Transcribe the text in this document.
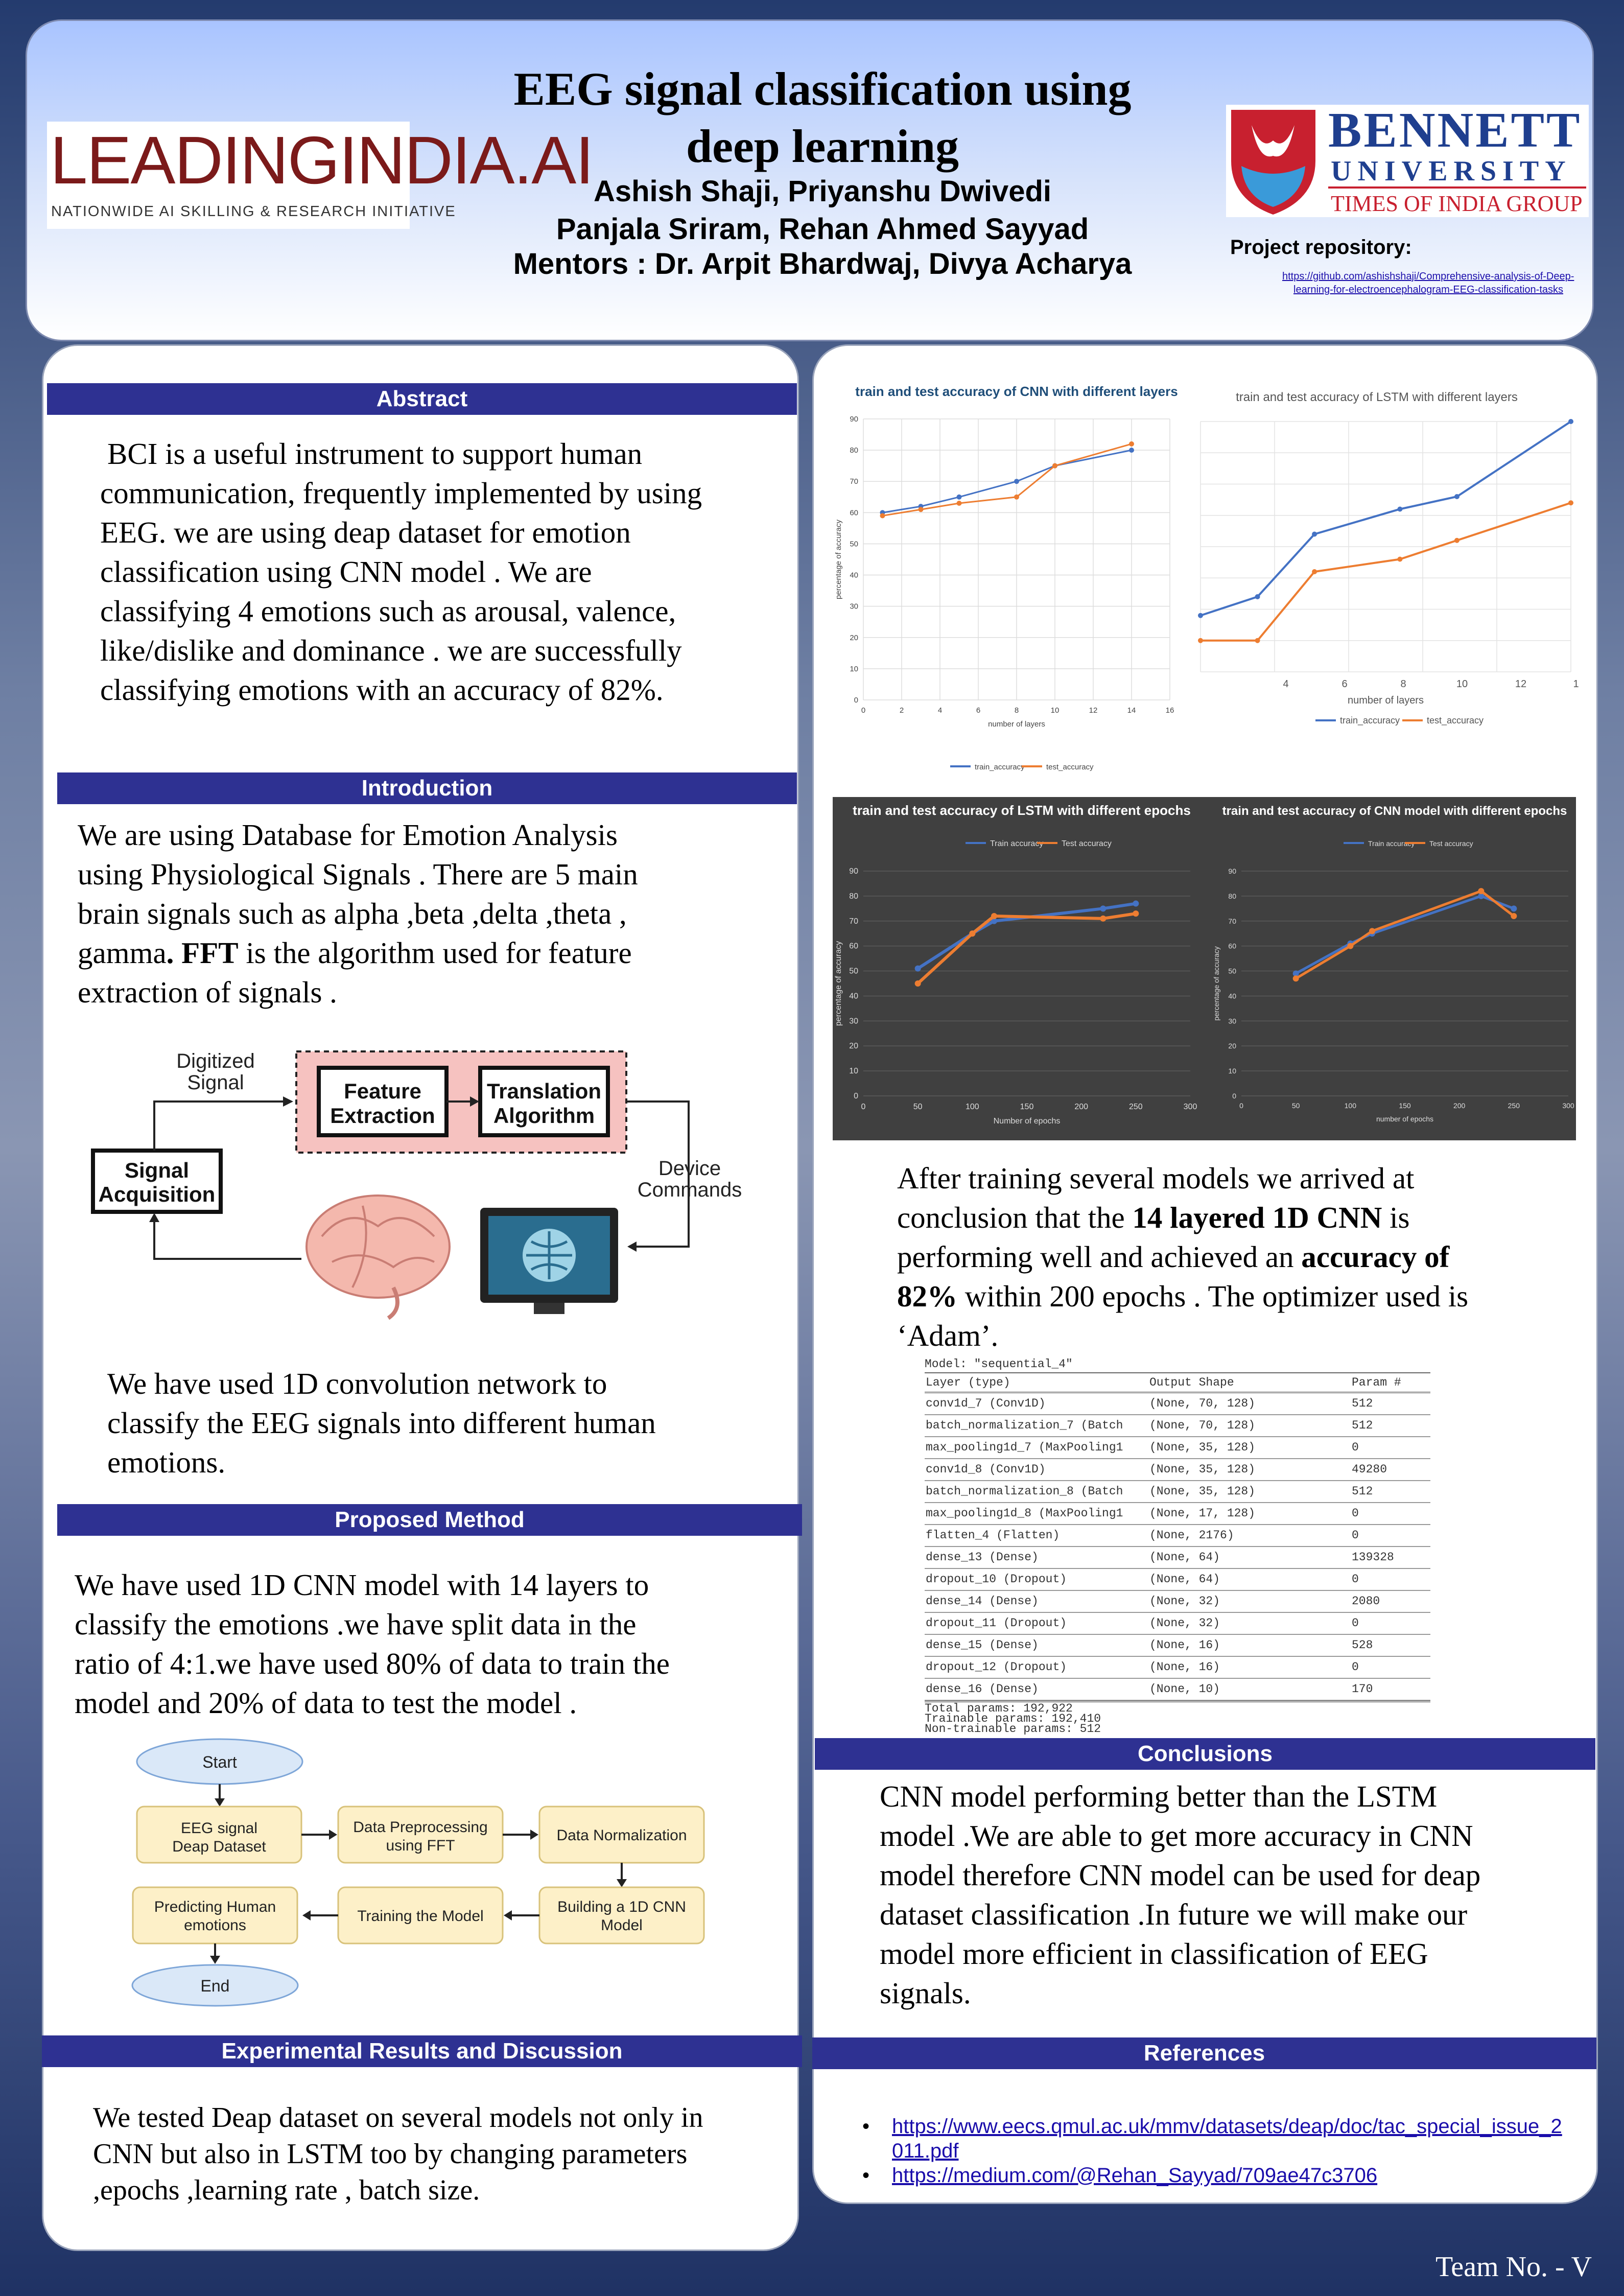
LEADINGINDIA.AI
NATIONWIDE AI SKILLING & RESEARCH INITIATIVE
EEG signal classification using
deep learning
Ashish Shaji, Priyanshu Dwivedi
Panjala Sriram, Rehan Ahmed Sayyad
Mentors : Dr. Arpit Bhardwaj, Divya Acharya
BENNETT
UNIVERSITY
TIMES OF INDIA GROUP
Project repository:
https://github.com/ashishshaji/Comprehensive-analysis-of-Deep-
learning-for-electroencephalogram-EEG-classification-tasks
Abstract
BCI is a useful instrument to support human
communication, frequently implemented by using
EEG. we are using deap dataset for emotion
classification using CNN model . We are
classifying 4 emotions such as arousal, valence,
like/dislike and dominance . we are successfully
classifying emotions with an accuracy of 82%.
Introduction
We are using Database for Emotion Analysis
using Physiological Signals . There are 5 main
brain signals such as alpha ,beta ,delta ,theta ,
gamma. FFT is the algorithm used for feature
extraction of signals .
Digitized
Signal	Feature
Extraction
Translation
Algorithm
Signal
Acquisition
Device
Commands
We have used 1D convolution network to
classify the EEG signals into different human
emotions.
Proposed Method
We have used 1D CNN model with 14 layers to
classify the emotions .we have split data in the
ratio of 4:1.we have used 80% of data to train the
model and 20% of data to test the model .
Start
EEG signal
Deap Dataset
Data Preprocessing
using FFT
Data Normalization
Building a 1D CNN
Model
Training the Model
Predicting Human
emotions
End
Experimental Results and Discussion
We tested Deap dataset on several models not only in
CNN but also in LSTM too by changing parameters
,epochs ,learning rate , batch size.
train and test accuracy of CNN with different layers
0
10
20
30
40
50
60
70
80
90
0	2	4	6	8	10	12	14	16
number of layers
percentage of accuracy
train_accuracy	test_accuracy
train and test accuracy of LSTM with different layers
4	6	8	10	12	1
number of layers
train_accuracy	test_accuracy
train and test accuracy of LSTM with different epochs
0
10
20
30
40
50
60
70
80
90
0	50	100	150	200	250	300
Number of epochs
percentage of accuracy
Train accuracy Test accuracy
train and test accuracy of CNN model with different epochs
0
10
20
30
40
50
60
70
80
90
0	50	100	150	200	250	300
number of epochs
percentage of accuracy
Train accuracy Test accuracy
After training several models we arrived at
conclusion that the 14 layered 1D CNN is
performing well and achieved an accuracy of
82% within 200 epochs . The optimizer used is
‘Adam’.
Model: "sequential_4"
Layer (type)	Output Shape	Param #
conv1d_7 (Conv1D)	(None, 70, 128)	512
batch_normalization_7 (Batch (None, 70, 128)	512
max_pooling1d_7 (MaxPooling1 (None, 35, 128)	0
conv1d_8 (Conv1D)	(None, 35, 128)	49280
batch_normalization_8 (Batch (None, 35, 128)	512
max_pooling1d_8 (MaxPooling1 (None, 17, 128)	0
flatten_4 (Flatten)	(None, 2176)	0
dense_13 (Dense)	(None, 64)	139328
dropout_10 (Dropout)	(None, 64)	0
dense_14 (Dense)	(None, 32)	2080
dropout_11 (Dropout)	(None, 32)	0
dense_15 (Dense)	(None, 16)	528
dropout_12 (Dropout)	(None, 16)	0
dense_16 (Dense)	(None, 10)	170
Total params: 192,922
Trainable params: 192,410
Non-trainable params: 512
Conclusions
CNN model performing better than the LSTM
model .We are able to get more accuracy in CNN
model therefore CNN model can be used for deap
dataset classification .In future we will make our
model more efficient in classification of EEG
signals.
References
• https://www.eecs.qmul.ac.uk/mmv/datasets/deap/doc/tac_special_issue_2
011.pdf
• https://medium.com/@Rehan_Sayyad/709ae47c3706
Team No. - V
